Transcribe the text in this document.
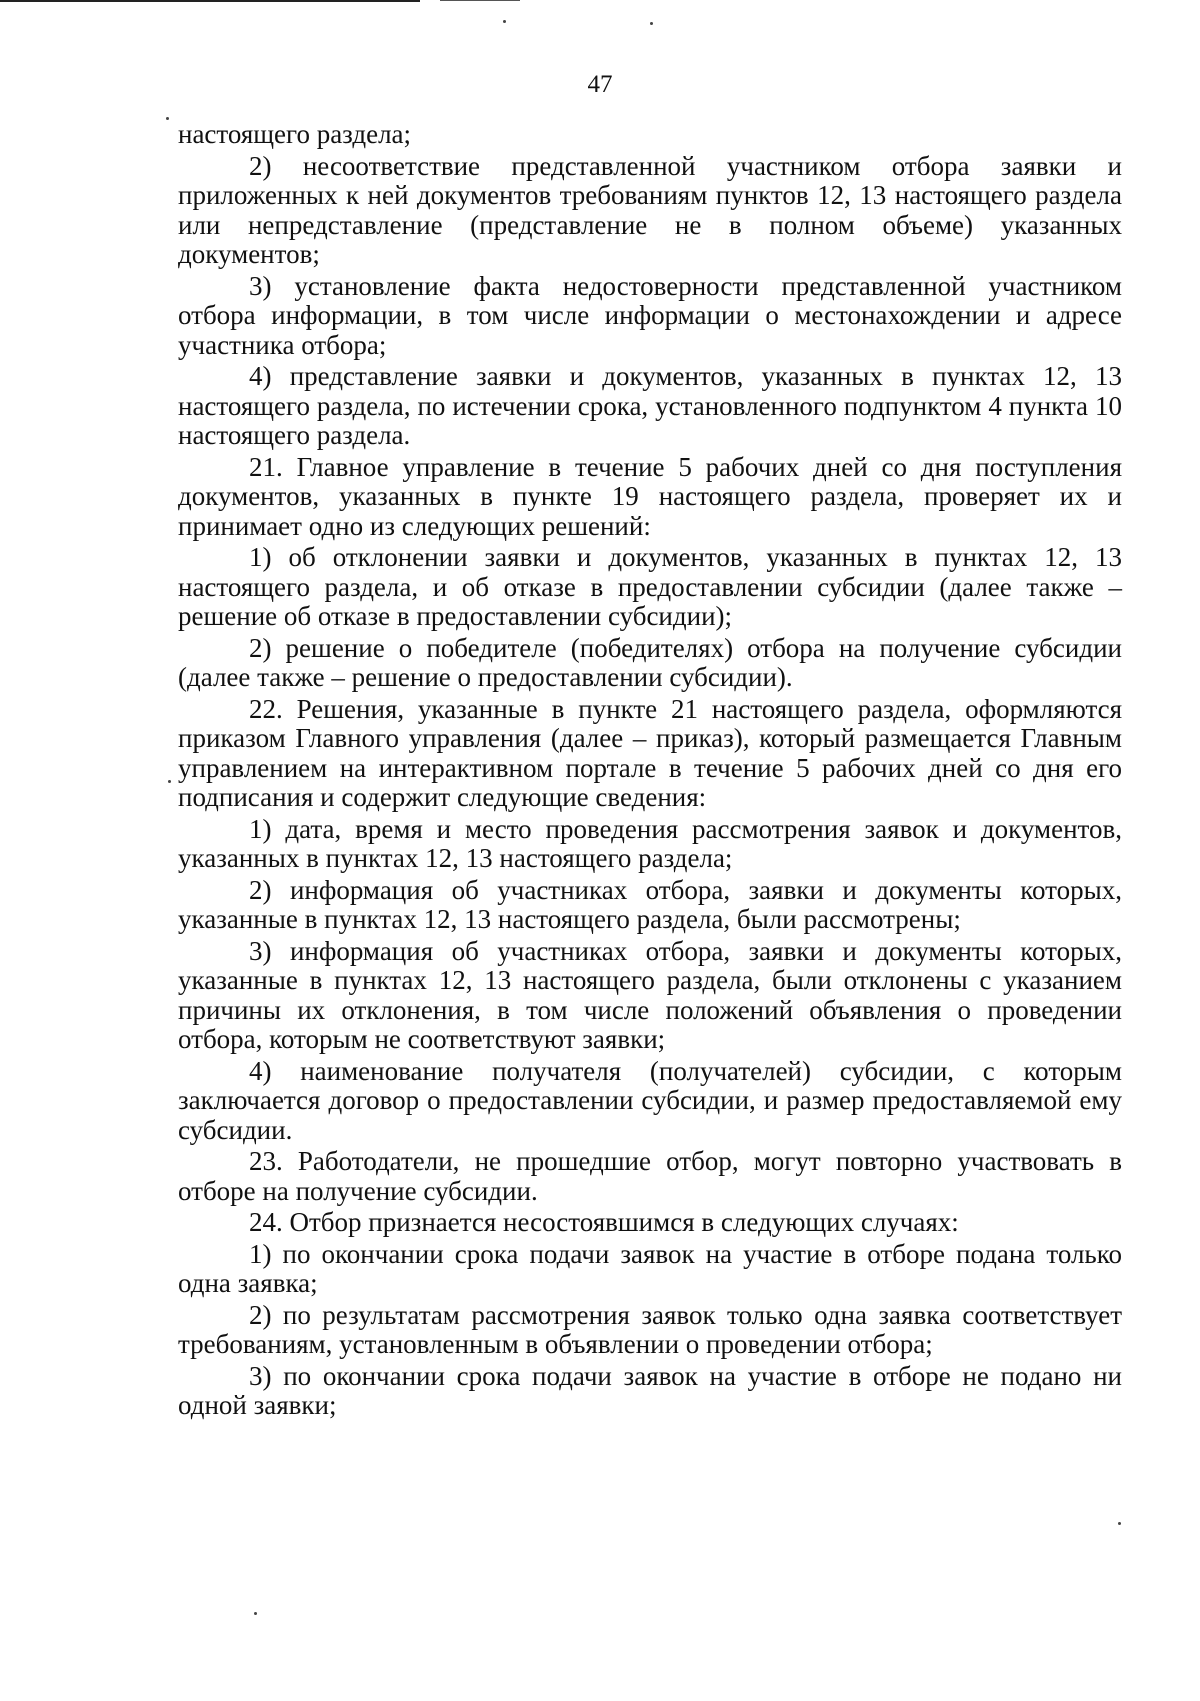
47

настоящего раздела;

2) несоответствие представленной участником отбора заявки и приложенных к ней документов требованиям пунктов 12, 13 настоящего раздела или непредставление (представление не в полном объеме) указанных документов;

3) установление факта недостоверности представленной участником отбора информации, в том числе информации о местонахождении и адресе участника отбора;

4) представление заявки и документов, указанных в пунктах 12, 13 настоящего раздела, по истечении срока, установленного подпунктом 4 пункта 10 настоящего раздела.

21. Главное управление в течение 5 рабочих дней со дня поступления документов, указанных в пункте 19 настоящего раздела, проверяет их и принимает одно из следующих решений:

1) об отклонении заявки и документов, указанных в пунктах 12, 13 настоящего раздела, и об отказе в предоставлении субсидии (далее также – решение об отказе в предоставлении субсидии);

2) решение о победителе (победителях) отбора на получение субсидии (далее также – решение о предоставлении субсидии).

22. Решения, указанные в пункте 21 настоящего раздела, оформляются приказом Главного управления (далее – приказ), который размещается Главным управлением на интерактивном портале в течение 5 рабочих дней со дня его подписания и содержит следующие сведения:

1) дата, время и место проведения рассмотрения заявок и документов, указанных в пунктах 12, 13 настоящего раздела;

2) информация об участниках отбора, заявки и документы которых, указанные в пунктах 12, 13 настоящего раздела, были рассмотрены;

3) информация об участниках отбора, заявки и документы которых, указанные в пунктах 12, 13 настоящего раздела, были отклонены с указанием причины их отклонения, в том числе положений объявления о проведении отбора, которым не соответствуют заявки;

4) наименование получателя (получателей) субсидии, с которым заключается договор о предоставлении субсидии, и размер предоставляемой ему субсидии.

23. Работодатели, не прошедшие отбор, могут повторно участвовать в отборе на получение субсидии.

24. Отбор признается несостоявшимся в следующих случаях:

1) по окончании срока подачи заявок на участие в отборе подана только одна заявка;

2) по результатам рассмотрения заявок только одна заявка соответствует требованиям, установленным в объявлении о проведении отбора;

3) по окончании срока подачи заявок на участие в отборе не подано ни одной заявки;
